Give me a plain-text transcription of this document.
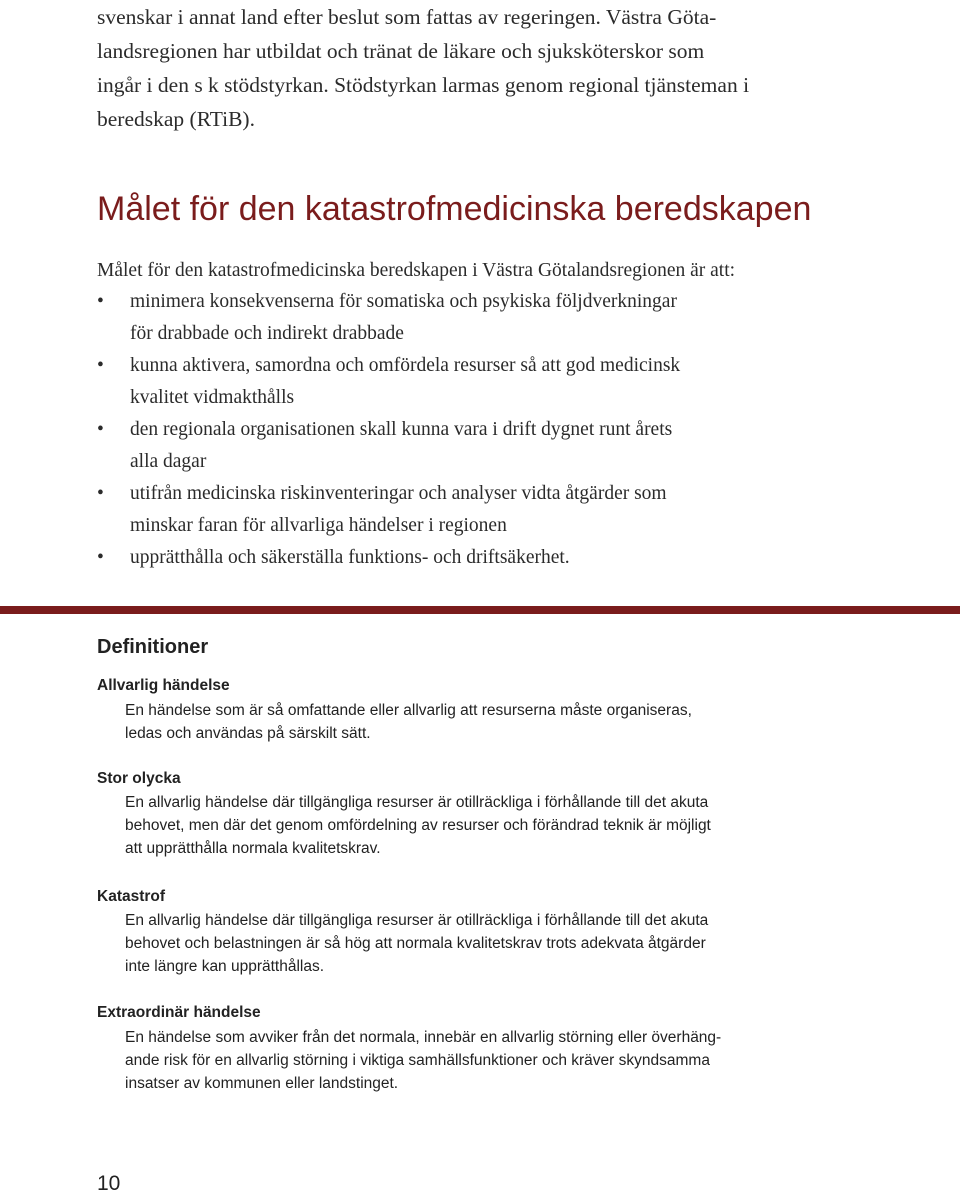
svenskar i annat land efter beslut som fattas av regeringen. Västra Göta-
landsregionen har utbildat och tränat de läkare och sjuksköterskor som
ingår i den s k stödstyrkan. Stödstyrkan larmas genom regional tjänsteman i
beredskap (RTiB).
Målet för den katastrofmedicinska beredskapen
Målet för den katastrofmedicinska beredskapen i Västra Götalandsregionen är att:
• minimera konsekvenserna för somatiska och psykiska följdverkningar
för drabbade och indirekt drabbade
• kunna aktivera, samordna och omfördela resurser så att god medicinsk
kvalitet vidmakthålls
• den regionala organisationen skall kunna vara i drift dygnet runt årets
alla dagar
• utifrån medicinska riskinventeringar och analyser vidta åtgärder som
minskar faran för allvarliga händelser i regionen
• upprätthålla och säkerställa funktions- och driftsäkerhet.
Definitioner
Allvarlig händelse
En händelse som är så omfattande eller allvarlig att resurserna måste organiseras,
ledas och användas på särskilt sätt.
Stor olycka
En allvarlig händelse där tillgängliga resurser är otillräckliga i förhållande till det akuta
behovet, men där det genom omfördelning av resurser och förändrad teknik är möjligt
att upprätthålla normala kvalitetskrav.
Katastrof
En allvarlig händelse där tillgängliga resurser är otillräckliga i förhållande till det akuta
behovet och belastningen är så hög att normala kvalitetskrav trots adekvata åtgärder
inte längre kan upprätthållas.
Extraordinär händelse
En händelse som avviker från det normala, innebär en allvarlig störning eller överhäng-
ande risk för en allvarlig störning i viktiga samhällsfunktioner och kräver skyndsamma
insatser av kommunen eller landstinget.
10
